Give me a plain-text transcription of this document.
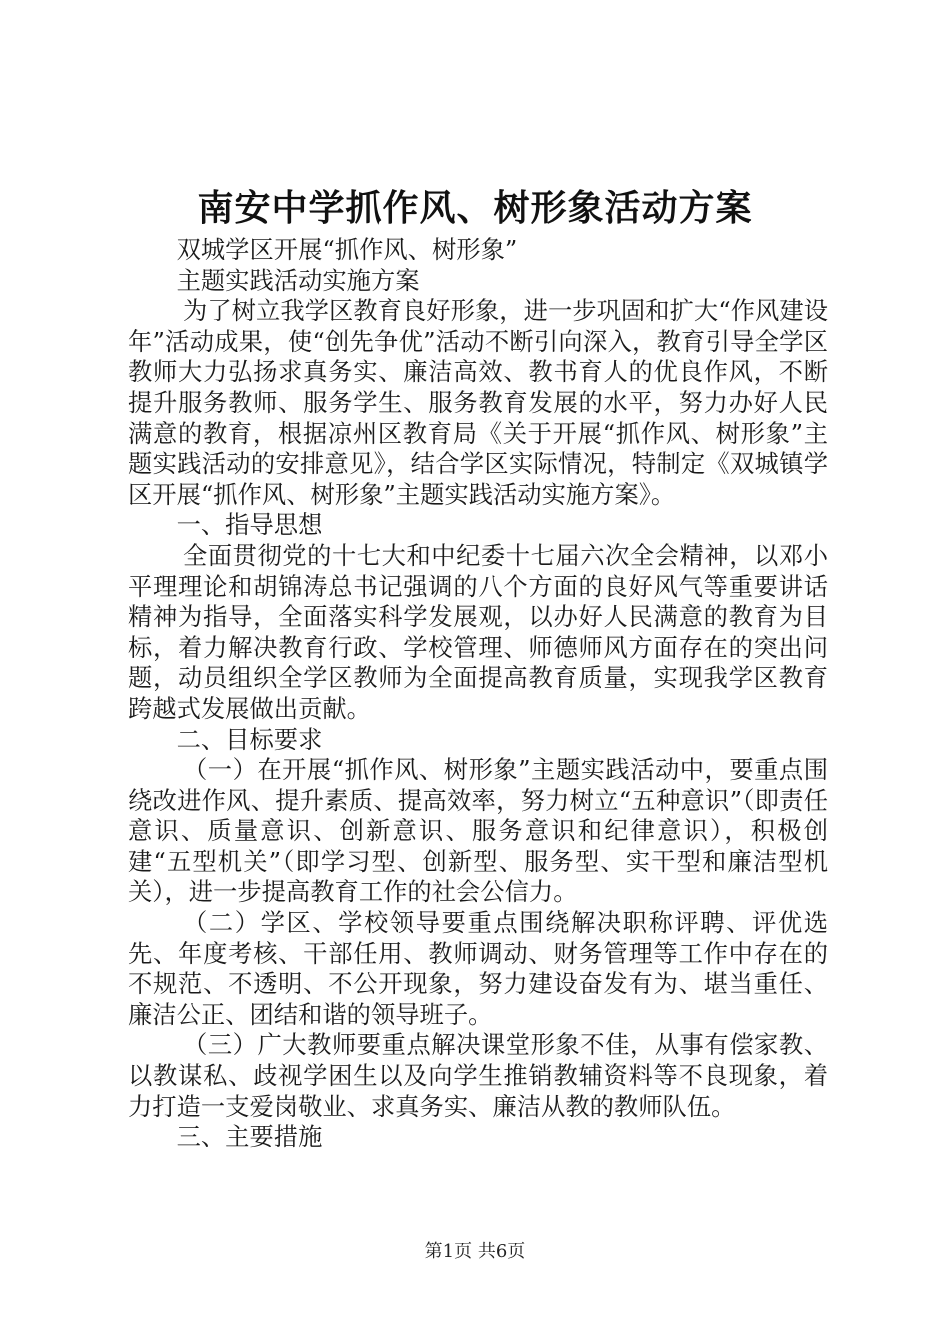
南安中学抓作风、树形象活动方案

双城学区开展“抓作风、树形象”

主题实践活动实施方案

为了树立我学区教育良好形象，进一步巩固和扩大“作风建设年”活动成果，使“创先争优”活动不断引向深入，教育引导全学区教师大力弘扬求真务实、廉洁高效、教书育人的优良作风，不断提升服务教师、服务学生、服务教育发展的水平，努力办好人民满意的教育，根据凉州区教育局《关于开展“抓作风、树形象”主题实践活动的安排意见》，结合学区实际情况，特制定《双城镇学区开展“抓作风、树形象”主题实践活动实施方案》。

一、指导思想

全面贯彻党的十七大和中纪委十七届六次全会精神，以邓小平理理论和胡锦涛总书记强调的八个方面的良好风气等重要讲话精神为指导，全面落实科学发展观，以办好人民满意的教育为目标，着力解决教育行政、学校管理、师德师风方面存在的突出问题，动员组织全学区教师为全面提高教育质量，实现我学区教育跨越式发展做出贡献。

二、目标要求

（一）在开展“抓作风、树形象”主题实践活动中，要重点围绕改进作风、提升素质、提高效率，努力树立“五种意识”（即责任意识、质量意识、创新意识、服务意识和纪律意识），积极创建“五型机关”（即学习型、创新型、服务型、实干型和廉洁型机关），进一步提高教育工作的社会公信力。

（二）学区、学校领导要重点围绕解决职称评聘、评优选先、年度考核、干部任用、教师调动、财务管理等工作中存在的不规范、不透明、不公开现象，努力建设奋发有为、堪当重任、廉洁公正、团结和谐的领导班子。

（三）广大教师要重点解决课堂形象不佳，从事有偿家教、以教谋私、歧视学困生以及向学生推销教辅资料等不良现象，着力打造一支爱岗敬业、求真务实、廉洁从教的教师队伍。

三、主要措施

第1页 共6页
